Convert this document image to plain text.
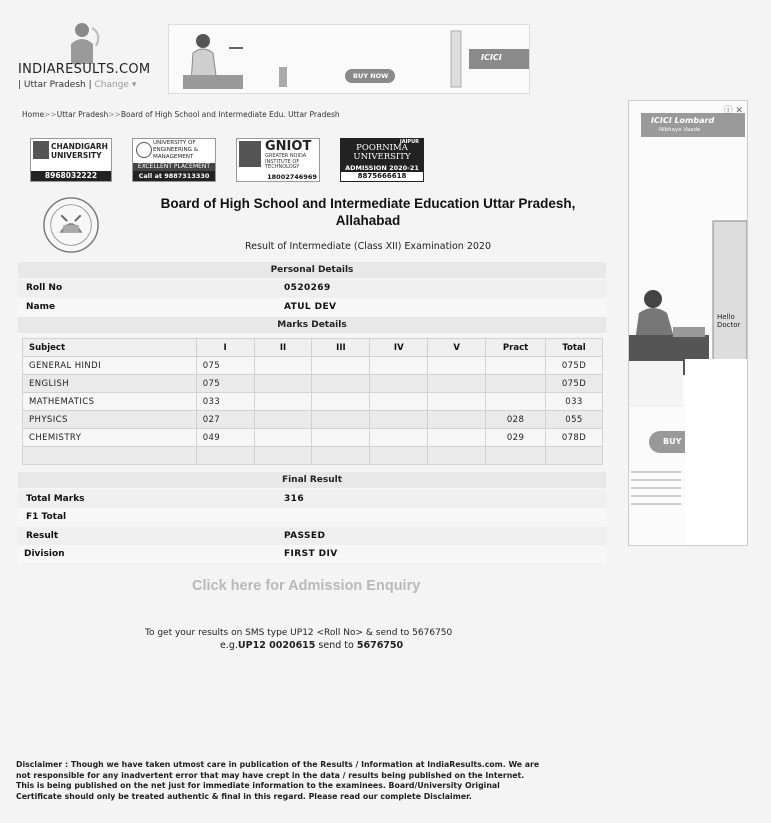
INDIARESULTS.COM
| Uttar Pradesh | Change ▾
BUY NOW
ICICI
Home>>Uttar Pradesh>>Board of High School and Intermediate Edu. Uttar Pradesh
CHANDIGARH UNIVERSITY
8968032222
UNIVERSITY OF ENGINEERING & MANAGEMENT
EXCELLENT PLACEMENT
Call at 9887313330
GNIOT
GREATER NOIDA INSTITUTE OF TECHNOLOGY
18002746969
JAIPUR
POORNIMA UNIVERSITY
ADMISSION 2020-21
8875666618
Board of High School and Intermediate Education Uttar Pradesh, Allahabad
Result of Intermediate (Class XII) Examination 2020
Personal Details
Roll No	0520269
Name	ATUL DEV
Marks Details
Subject	I	II	III	IV	V	Pract	Total
GENERAL HINDI	075						075D
ENGLISH	075						075D
MATHEMATICS	033						033
PHYSICS	027					028	055
CHEMISTRY	049					029	078D

Final Result
Total Marks	316
F1 Total
Result	PASSED
Division	FIRST DIV
Click here for Admission Enquiry
To get your results on SMS type UP12 <Roll No> & send to 5676750
e.g.UP12 0020615 send to 5676750
Disclaimer : Though we have taken utmost care in publication of the Results / Information at IndiaResults.com. We are not responsible for any inadvertent error that may have crept in the data / results being published on the Internet. This is being published on the net just for immediate information to the examinees. Board/University Original Certificate should only be treated authentic & final in this regard. Please read our complete Disclaimer.
ⓘ ✕
ICICI Lombard
Nibhaye Vaade
Hello Doctor
BUY
